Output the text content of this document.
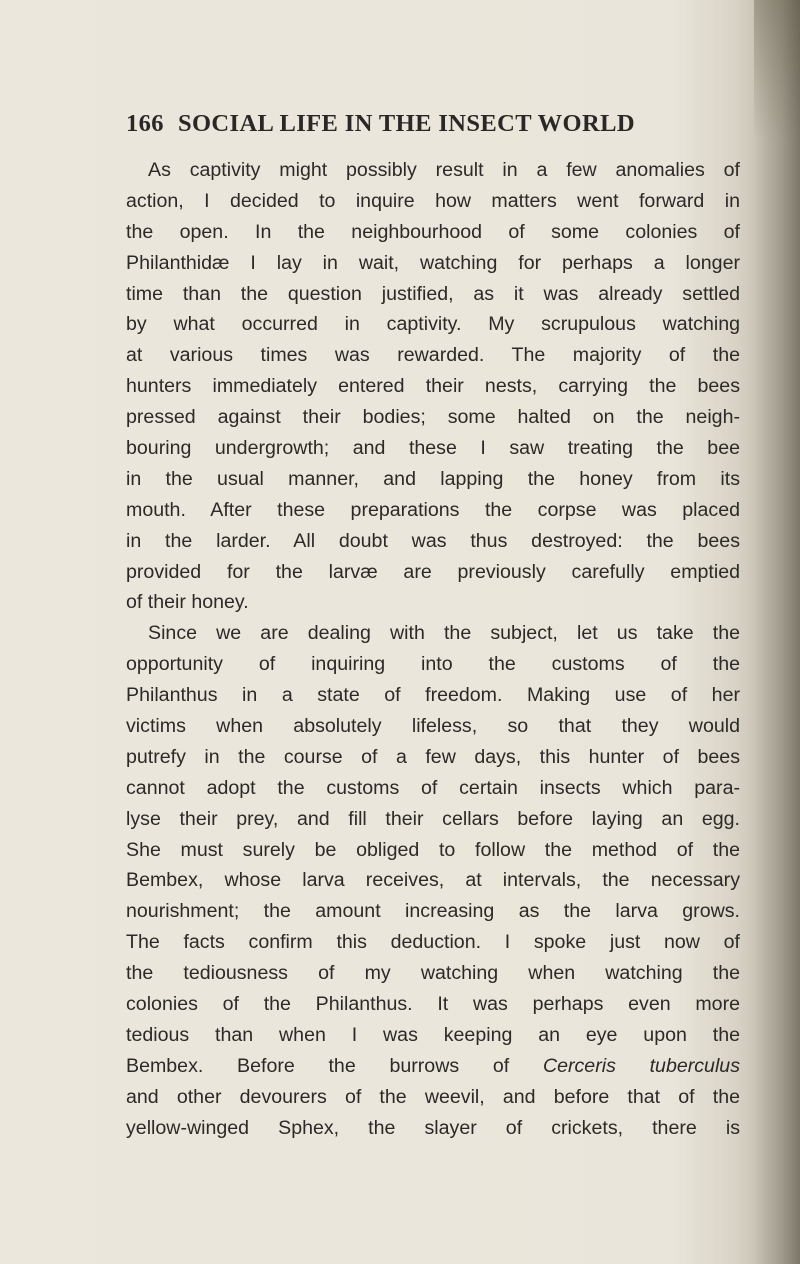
166 SOCIAL LIFE IN THE INSECT WORLD
As captivity might possibly result in a few anomalies of
action, I decided to inquire how matters went forward in
the open. In the neighbourhood of some colonies of
Philanthidæ I lay in wait, watching for perhaps a longer
time than the question justified, as it was already settled
by what occurred in captivity. My scrupulous watching
at various times was rewarded. The majority of the
hunters immediately entered their nests, carrying the bees
pressed against their bodies; some halted on the neigh-
bouring undergrowth; and these I saw treating the bee
in the usual manner, and lapping the honey from its
mouth. After these preparations the corpse was placed
in the larder. All doubt was thus destroyed: the bees
provided for the larvæ are previously carefully emptied
of their honey.
Since we are dealing with the subject, let us take the
opportunity of inquiring into the customs of the
Philanthus in a state of freedom. Making use of her
victims when absolutely lifeless, so that they would
putrefy in the course of a few days, this hunter of bees
cannot adopt the customs of certain insects which para-
lyse their prey, and fill their cellars before laying an egg.
She must surely be obliged to follow the method of the
Bembex, whose larva receives, at intervals, the necessary
nourishment; the amount increasing as the larva grows.
The facts confirm this deduction. I spoke just now of
the tediousness of my watching when watching the
colonies of the Philanthus. It was perhaps even more
tedious than when I was keeping an eye upon the
Bembex. Before the burrows of Cerceris tuberculus
and other devourers of the weevil, and before that of the
yellow-winged Sphex, the slayer of crickets, there is
